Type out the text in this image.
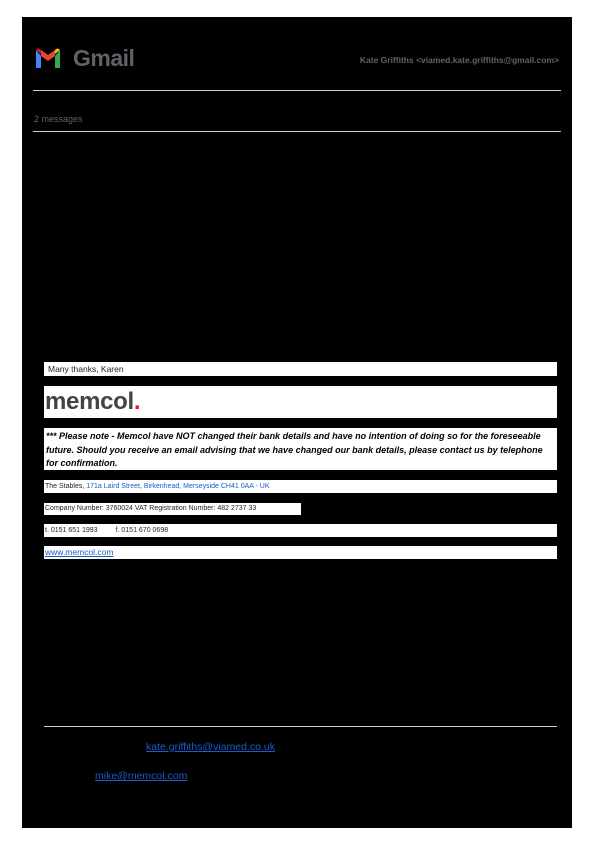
Gmail	Kate Griffiths <viamed.kate.griffiths@gmail.com>
2 messages
Many thanks, Karen
memcol.
*** Please note - Memcol have NOT changed their bank details and have no intention of doing so for the foreseeable future. Should you receive an email advising that we have changed our bank details, please contact us by telephone for confirmation.
The Stables, 171a Laird Street, Birkenhead, Merseyside CH41 0AA - UK
Company Number: 3760024 VAT Registration Number: 482 2737 33
t. 0151 651 1993	f. 0151 670 0698
www.memcol.com
kate.griffiths@viamed.co.uk
mike@memcol.com
